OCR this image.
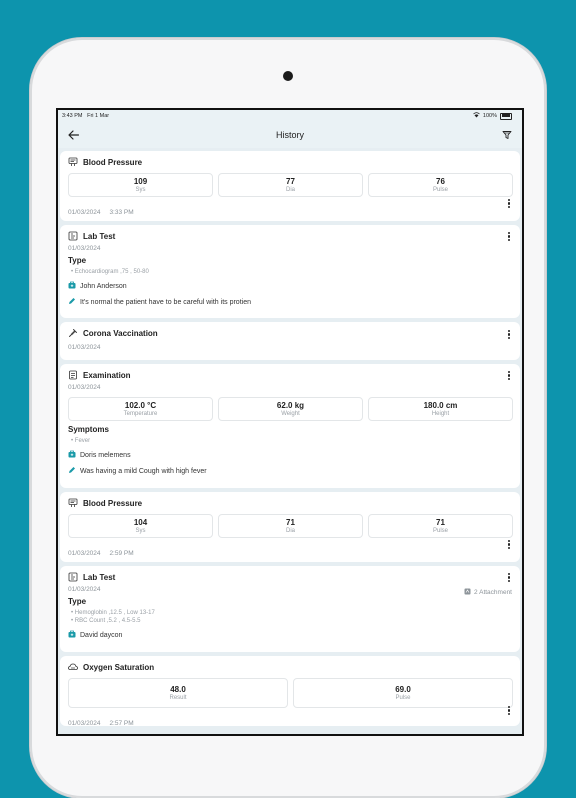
3:43 PM Fri 1 Mar	100%
History
Blood Pressure
109
Sys
77
Dia
76
Pulse
01/03/2024
3:33 PM
Lab Test
01/03/2024
Type
• Echocardiogram ,75 , 50-80
John Anderson
It's normal the patient have to be careful with its protien
Corona Vaccination
01/03/2024
Examination
01/03/2024
102.0 °C
Temperature
62.0 kg
Weight
180.0 cm
Height
Symptoms
• Fever
Doris melemens
Was having a mild Cough with high fever
Blood Pressure
104
Sys
71
Dia
71
Pulse
01/03/2024
2:59 PM
Lab Test
01/03/2024	2 Attachment
Type
• Hemoglobin ,12.5 , Low 13-17
• RBC Count ,5.2 , 4.5-5.5
David daycon
Oxygen Saturation
48.0
Result
69.0
Pulse
01/03/2024
2:57 PM
